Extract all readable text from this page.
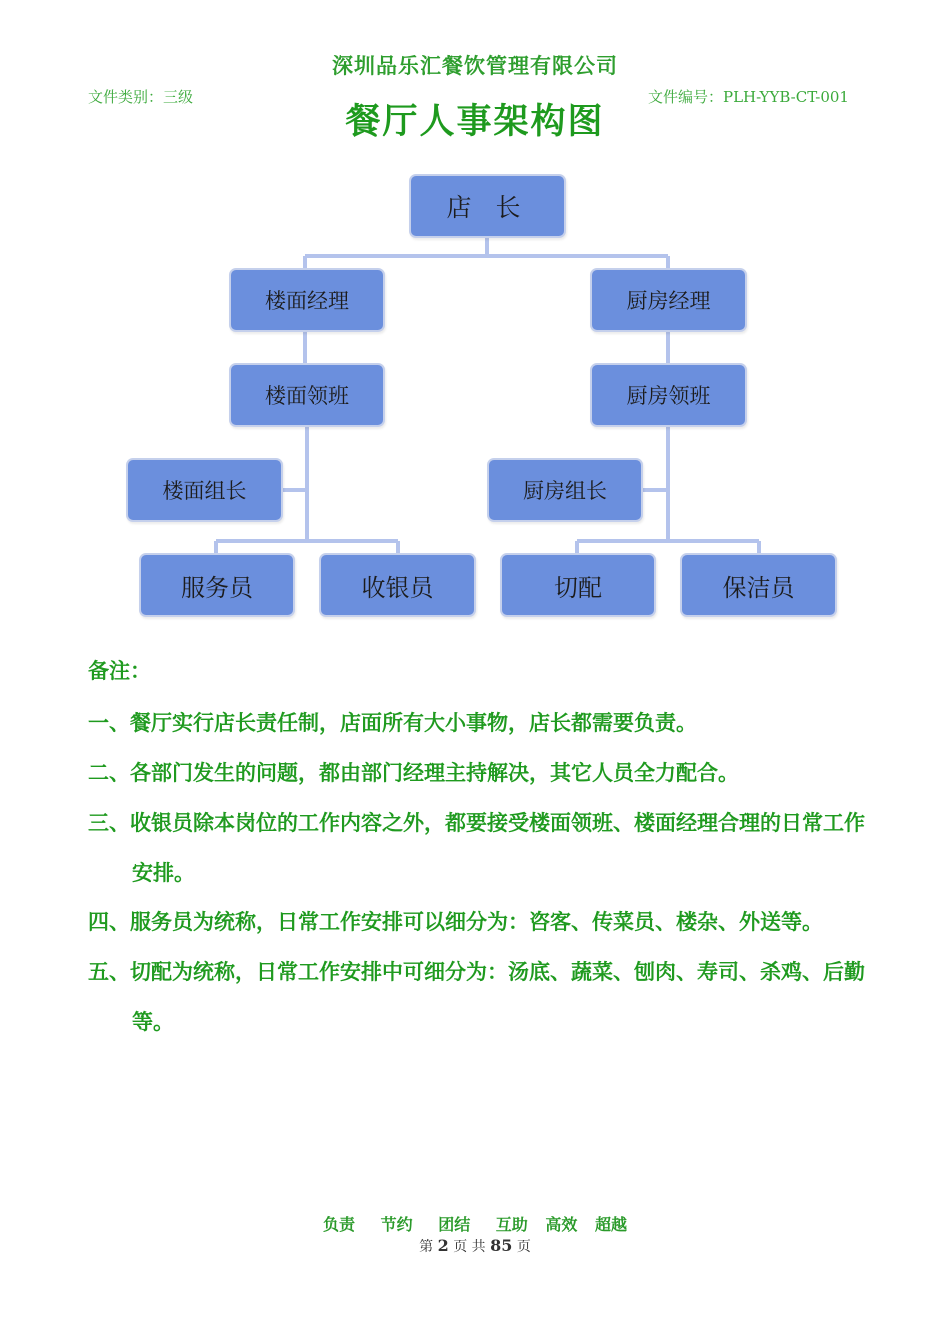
深圳品乐汇餐饮管理有限公司
文件类别：三级	文件编号：PLH-YYB-CT-001
餐厅人事架构图
店 长
楼面经理	厨房经理
楼面领班	厨房领班
楼面组长	厨房组长
服务员	收银员	切配	保洁员
备注：
一、餐厅实行店长责任制，店面所有大小事物，店长都需要负责。
二、各部门发生的问题，都由部门经理主持解决，其它人员全力配合。
三、收银员除本岗位的工作内容之外，都要接受楼面领班、楼面经理合理的日常工作安排。
四、服务员为统称，日常工作安排可以细分为：咨客、传菜员、楼杂、外送等。
五、切配为统称，日常工作安排中可细分为：汤底、蔬菜、刨肉、寿司、杀鸡、后勤等。
负责 节约 团结 互助 高效 超越
第 2 页 共 85 页
